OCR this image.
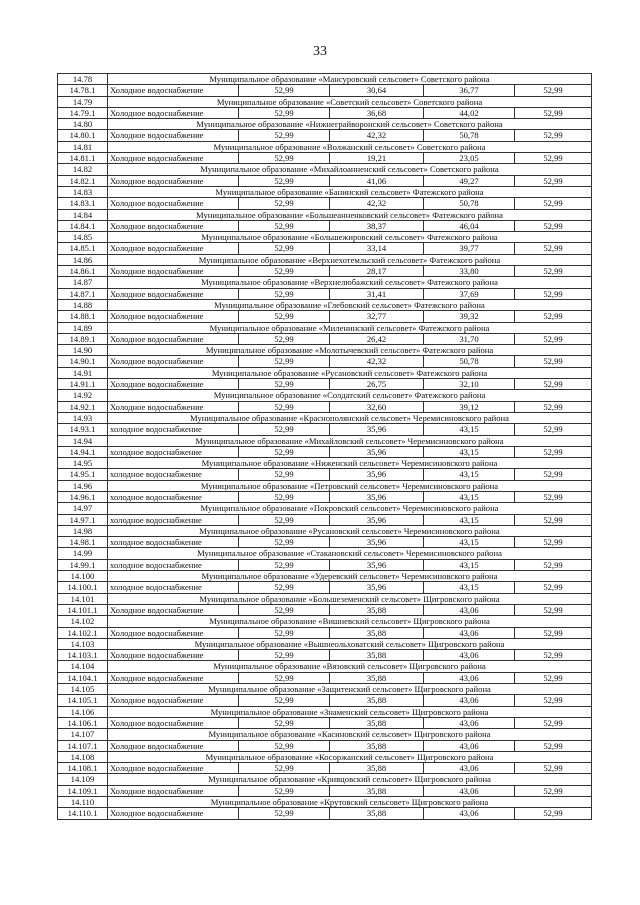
33
14.78	Муниципальное образование «Мансуровский сельсовет» Советского района				
14.78.1	Холодное водоснабжение	52,99	30,64	36,77	52,99
14.79	Муниципальное образование «Советский сельсовет» Советского района				
14.79.1	Холодное водоснабжение	52,99	36,68	44,02	52,99
14.80	Муниципальное образование «Нижнеграйворонский сельсовет» Советского района				
14.80.1	Холодное водоснабжение	52,99	42,32	50,78	52,99
14.81	Муниципальное образование «Волжанский сельсовет» Советского района				
14.81.1	Холодное водоснабжение	52,99	19,21	23,05	52,99
14.82	Муниципальное образование «Михайлоанненский сельсовет» Советского района				
14.82.1	Холодное водоснабжение	52,99	41,06	49,27	52,99
14.83	Муниципальное образование «Банинский сельсовет» Фатежского района				
14.83.1	Холодное водоснабжение	52,99	42,32	50,78	52,99
14.84	Муниципальное образование «Большеанненковский сельсовет» Фатежского района				
14.84.1	Холодное водоснабжение	52,99	38,37	46,04	52,99
14.85	Муниципальное образование «Большежировский сельсовет» Фатежского района				
14.85.1	Холодное водоснабжение	52,99	33,14	39,77	52,99
14.86	Муниципальное образование «Верхнехотемльский сельсовет» Фатежского района				
14.86.1	Холодное водоснабжение	52,99	28,17	33,80	52,99
14.87	Муниципальное образование «Верхнелюбажский сельсовет» Фатежского района				
14.87.1	Холодное водоснабжение	52,99	31,41	37,69	52,99
14.88	Муниципальное образование «Глебовский сельсовет» Фатежского района				
14.88.1	Холодное водоснабжение	52,99	32,77	39,32	52,99
14.89	Муниципальное образование «Миленинский сельсовет» Фатежского района				
14.89.1	Холодное водоснабжение	52,99	26,42	31,70	52,99
14.90	Муниципальное образование «Молотычевский сельсовет» Фатежского района				
14.90.1	Холодное водоснабжение	52,99	42,32	50,78	52,99
14.91	Муниципальное образование «Русановский сельсовет» Фатежского района				
14.91.1	Холодное водоснабжение	52,99	26,75	32,10	52,99
14.92	Муниципальное образование «Солдатский сельсовет» Фатежского района				
14.92.1	Холодное водоснабжение	52,99	32,60	39,12	52,99
14.93	Муниципальное образование «Краснополянский сельсовет» Черемисиновского района				
14.93.1	холодное водоснабжение	52,99	35,96	43,15	52,99
14.94	Муниципальное образование «Михайловский сельсовет» Черемисиновского района				
14.94.1	холодное водоснабжение	52,99	35,96	43,15	52,99
14.95	Муниципальное образование «Ниженский сельсовет» Черемисиновского района				
14.95.1	холодное водоснабжение	52,99	35,96	43,15	52,99
14.96	Муниципальное образование «Петровский сельсовет» Черемисиновского района				
14.96.1	холодное водоснабжение	52,99	35,96	43,15	52,99
14.97	Муниципальное образование «Покровский сельсовет» Черемисиновского района				
14.97.1	холодное водоснабжение	52,99	35,96	43,15	52,99
14.98	Муниципальное образование «Русановский сельсовет» Черемисиновского района				
14.98.1	холодное водоснабжение	52,99	35,96	43,15	52,99
14.99	Муниципальное образование «Стакановский сельсовет» Черемисиновского района				
14.99.1	холодное водоснабжение	52,99	35,96	43,15	52,99
14.100	Муниципальное образование «Удеревский сельсовет» Черемисиновского района				
14.100.1	холодное водоснабжение	52,99	35,96	43,15	52,99
14.101	Муниципальное образование «Большеземенский сельсовет» Щигровского района				
14.101.1	Холодное водоснабжение	52,99	35,88	43,06	52,99
14.102	Муниципальное образование «Вишневский сельсовет» Щигровского района				
14.102.1	Холодное водоснабжение	52,99	35,88	43,06	52,99
14.103	Муниципальное образование «Вышнеольховатский сельсовет» Щигровского района				
14.103.1	Холодное водоснабжение	52,99	35,88	43,06	52,99
14.104	Муниципальное образование «Вязовский сельсовет» Щигровского района				
14.104.1	Холодное водоснабжение	52,99	35,88	43,06	52,99
14.105	Муниципальное образование «Защитенский сельсовет» Щигровского района				
14.105.1	Холодное водоснабжение	52,99	35,88	43,06	52,99
14.106	Муниципальное образование «Знаменский сельсовет» Щигровского района				
14.106.1	Холодное водоснабжение	52,99	35,88	43,06	52,99
14.107	Муниципальное образование «Касиновский сельсовет» Щигровского района				
14.107.1	Холодное водоснабжение	52,99	35,88	43,06	52,99
14.108	Муниципальное образование «Косоржанский сельсовет» Щигровского района				
14.108.1	Холодное водоснабжение	52,99	35,88	43,06	52,99
14.109	Муниципальное образование «Кривцовский сельсовет» Щигровского района				
14.109.1	Холодное водоснабжение	52,99	35,88	43,06	52,99
14.110	Муниципальное образование «Крутовский сельсовет» Щигровского района				
14.110.1	Холодное водоснабжение	52,99	35,88	43,06	52,99
